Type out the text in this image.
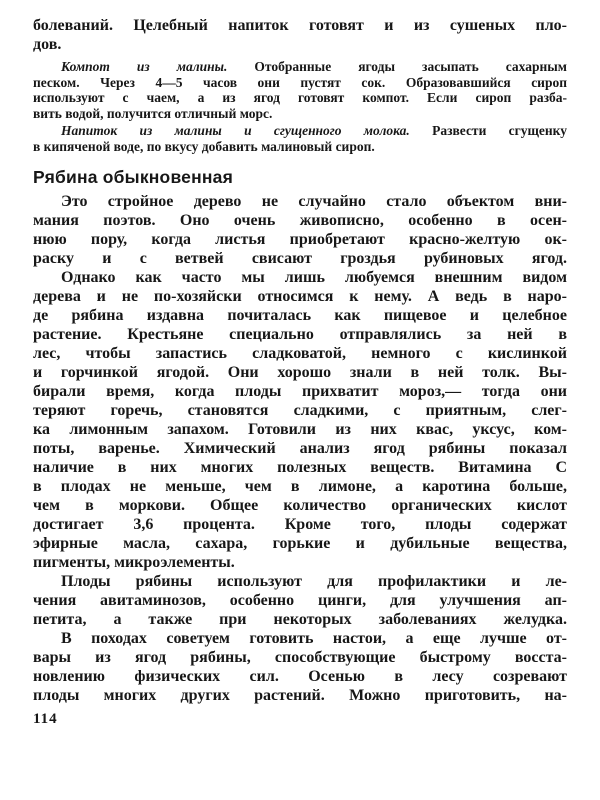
болеваний. Целебный напиток готовят и из сушеных пло-
дов.
Компот из малины. Отобранные ягоды засыпать сахарным
песком. Через 4—5 часов они пустят сок. Образовавшийся сироп
используют с чаем, а из ягод готовят компот. Если сироп разба-
вить водой, получится отличный морс.
Напиток из малины и сгущенного молока. Развести сгущенку
в кипяченой воде, по вкусу добавить малиновый сироп.
Рябина обыкновенная
Это стройное дерево не случайно стало объектом вни-
мания поэтов. Оно очень живописно, особенно в осен-
нюю пору, когда листья приобретают красно-желтую ок-
раску и с ветвей свисают гроздья рубиновых ягод.
Однако как часто мы лишь любуемся внешним видом
дерева и не по-хозяйски относимся к нему. А ведь в наро-
де рябина издавна почиталась как пищевое и целебное
растение. Крестьяне специально отправлялись за ней в
лес, чтобы запастись сладковатой, немного с кислинкой
и горчинкой ягодой. Они хорошо знали в ней толк. Вы-
бирали время, когда плоды прихватит мороз,— тогда они
теряют горечь, становятся сладкими, с приятным, слег-
ка лимонным запахом. Готовили из них квас, уксус, ком-
поты, варенье. Химический анализ ягод рябины показал
наличие в них многих полезных веществ. Витамина С
в плодах не меньше, чем в лимоне, а каротина больше,
чем в моркови. Общее количество органических кислот
достигает 3,6 процента. Кроме того, плоды содержат
эфирные масла, сахара, горькие и дубильные вещества,
пигменты, микроэлементы.
Плоды рябины используют для профилактики и ле-
чения авитаминозов, особенно цинги, для улучшения ап-
петита, а также при некоторых заболеваниях желудка.
В походах советуем готовить настои, а еще лучше от-
вары из ягод рябины, способствующие быстрому восста-
новлению физических сил. Осенью в лесу созревают
плоды многих других растений. Можно приготовить, на-
114
